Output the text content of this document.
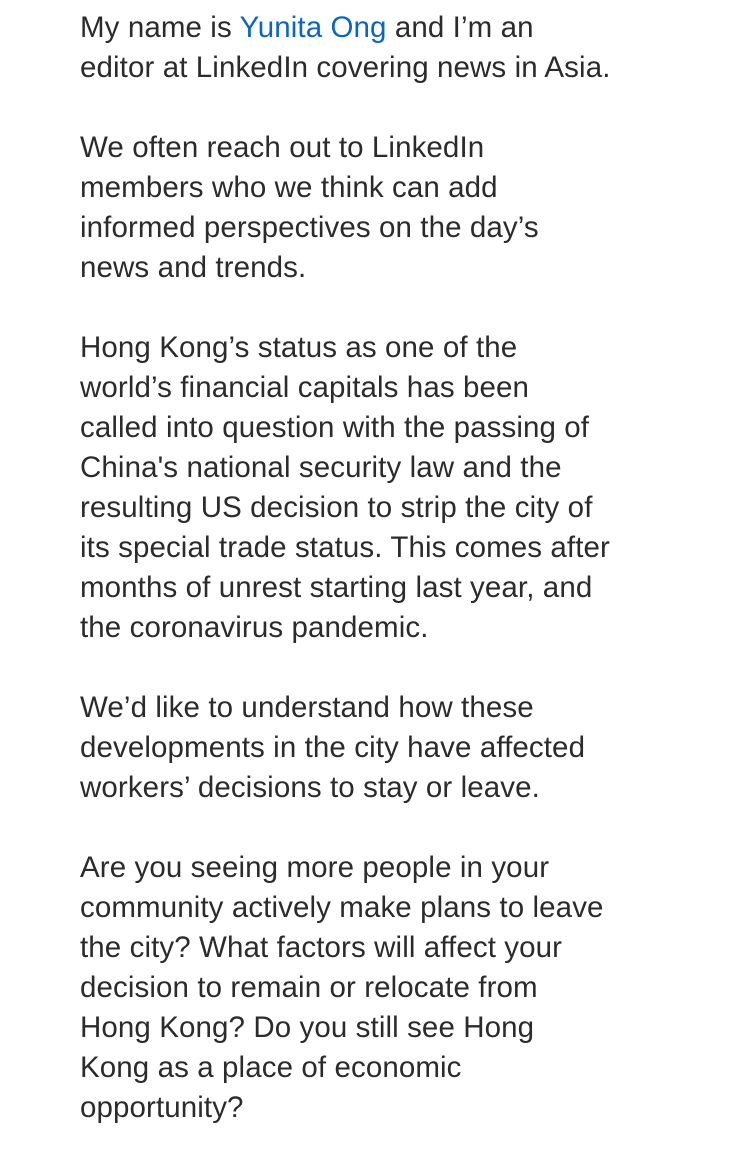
My name is Yunita Ong and I’m an
editor at LinkedIn covering news in Asia.
We often reach out to LinkedIn
members who we think can add
informed perspectives on the day’s
news and trends.
Hong Kong’s status as one of the
world’s financial capitals has been
called into question with the passing of
China's national security law and the
resulting US decision to strip the city of
its special trade status. This comes after
months of unrest starting last year, and
the coronavirus pandemic.
We’d like to understand how these
developments in the city have affected
workers’ decisions to stay or leave.
Are you seeing more people in your
community actively make plans to leave
the city? What factors will affect your
decision to remain or relocate from
Hong Kong? Do you still see Hong
Kong as a place of economic
opportunity?
